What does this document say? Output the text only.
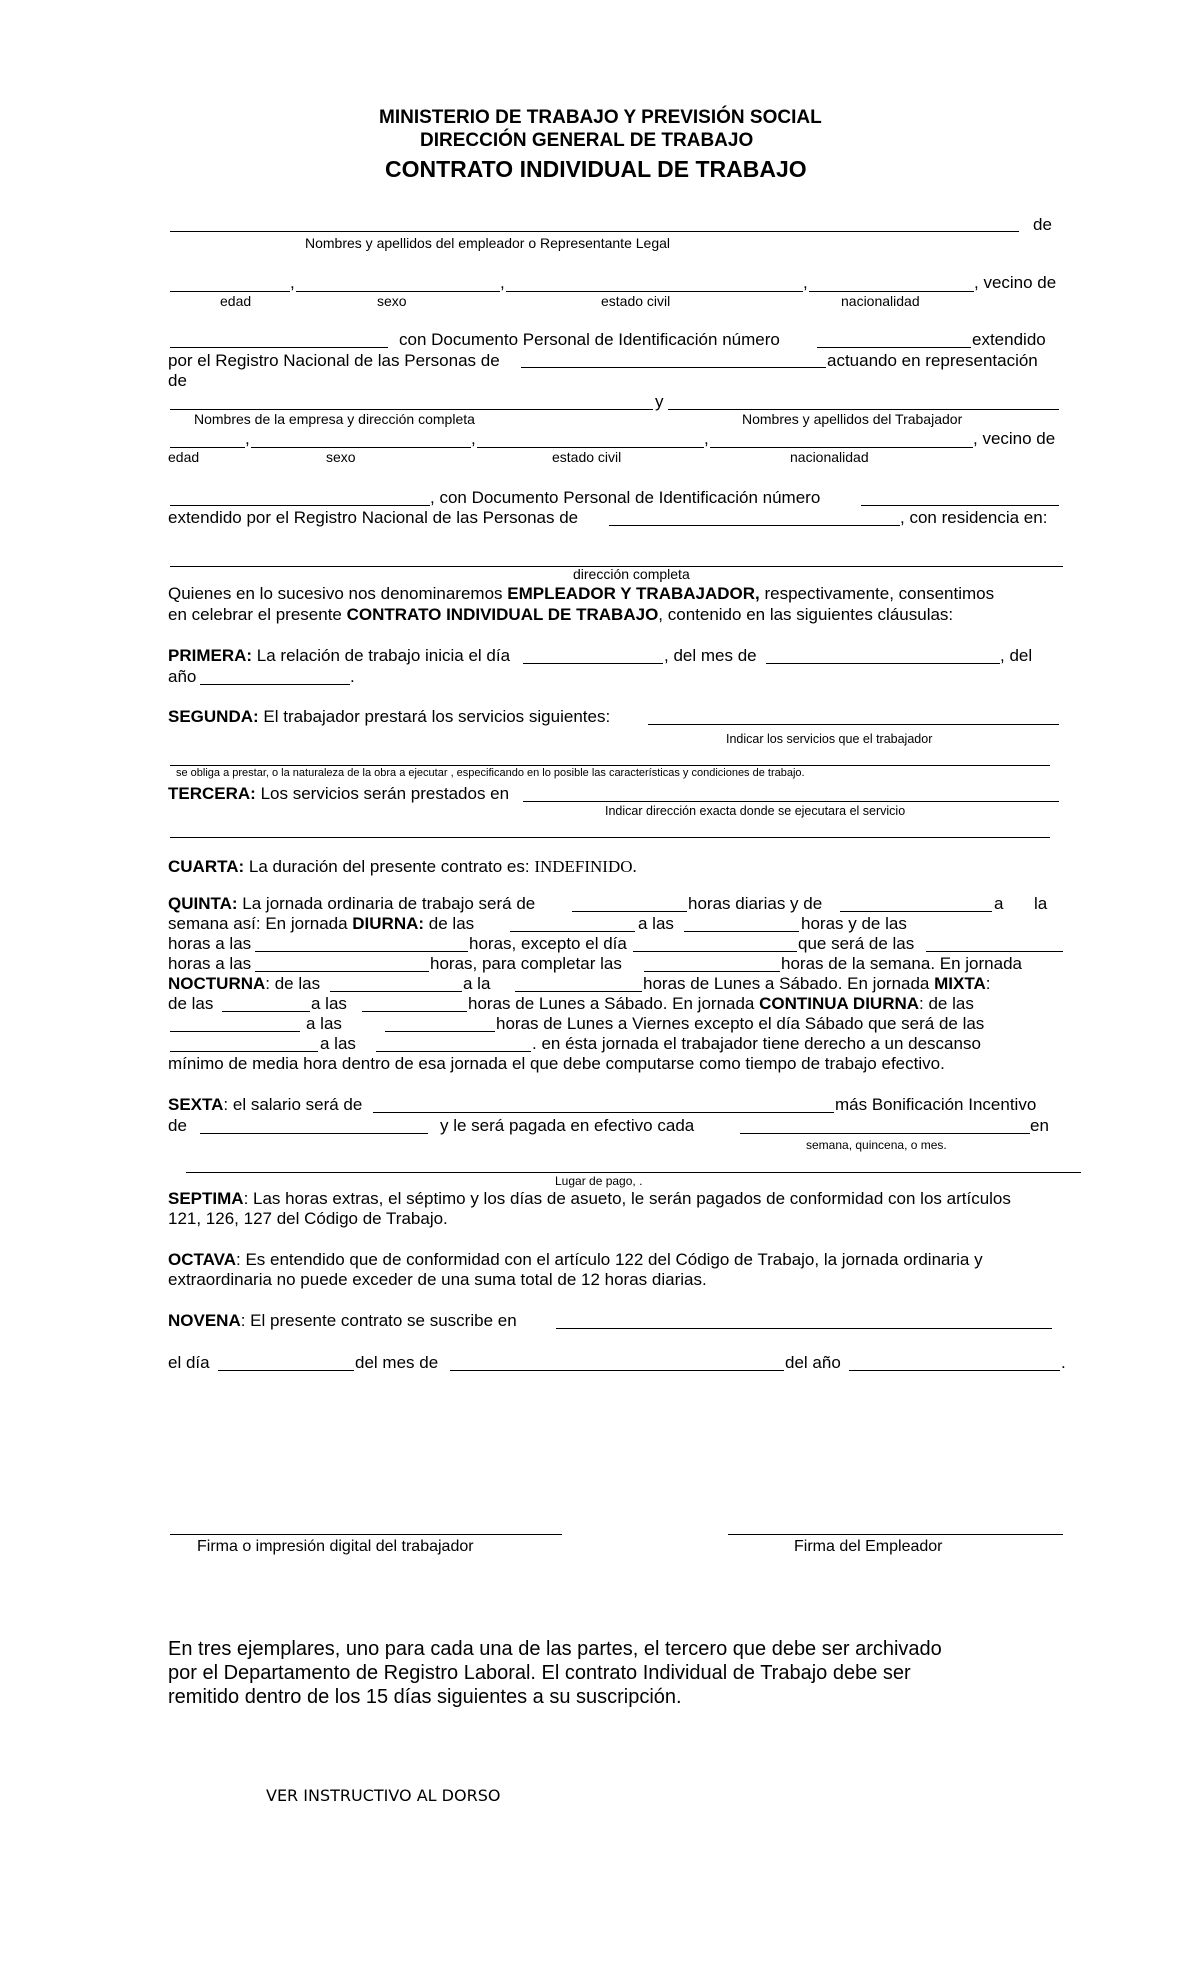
MINISTERIO DE TRABAJO Y PREVISIÓN SOCIAL
DIRECCIÓN GENERAL DE TRABAJO
CONTRATO INDIVIDUAL DE TRABAJO
de
Nombres y apellidos del empleador o Representante Legal
,	,	,	, vecino de
edad	sexo	estado civil	nacionalidad
con Documento Personal de Identificación número	extendido
por el Registro Nacional de las Personas de	actuando en representación
de
y
Nombres de la empresa y dirección completa	Nombres y apellidos del Trabajador
,	,	,	, vecino de
edad	sexo	estado civil	nacionalidad
, con Documento Personal de Identificación número
extendido por el Registro Nacional de las Personas de	, con residencia en:
dirección completa
Quienes en lo sucesivo nos denominaremos EMPLEADOR Y TRABAJADOR, respectivamente, consentimos
en celebrar el presente CONTRATO INDIVIDUAL DE TRABAJO, contenido en las siguientes cláusulas:
PRIMERA: La relación de trabajo inicia el día	, del mes de	, del
año	.
SEGUNDA: El trabajador prestará los servicios siguientes:
Indicar los servicios que el trabajador
se obliga a prestar, o la naturaleza de la obra a ejecutar , especificando en lo posible las características y condiciones de trabajo.
TERCERA: Los servicios serán prestados en
Indicar dirección exacta donde se ejecutara el servicio
CUARTA: La duración del presente contrato es: INDEFINIDO.
QUINTA: La jornada ordinaria de trabajo será de	horas diarias y de	a la
semana así: En jornada DIURNA: de las	a las	horas y de las
horas a las	horas, excepto el día	que será de las
horas a las	horas, para completar las	horas de la semana. En jornada
NOCTURNA: de las	a la	horas de Lunes a Sábado. En jornada MIXTA:
de las	a las	horas de Lunes a Sábado. En jornada CONTINUA DIURNA: de las
a las	horas de Lunes a Viernes excepto el día Sábado que será de las
a las	. en ésta jornada el trabajador tiene derecho a un descanso
mínimo de media hora dentro de esa jornada el que debe computarse como tiempo de trabajo efectivo.
SEXTA: el salario será de	más Bonificación Incentivo
de	y le será pagada en efectivo cada	en
semana, quincena, o mes.
Lugar de pago, .
SEPTIMA: Las horas extras, el séptimo y los días de asueto, le serán pagados de conformidad con los artículos
121, 126, 127 del Código de Trabajo.
OCTAVA: Es entendido que de conformidad con el artículo 122 del Código de Trabajo, la jornada ordinaria y
extraordinaria no puede exceder de una suma total de 12 horas diarias.
NOVENA: El presente contrato se suscribe en
el día	del mes de	del año	.
Firma o impresión digital del trabajador	Firma del Empleador
En tres ejemplares, uno para cada una de las partes, el tercero que debe ser archivado
por el Departamento de Registro Laboral. El contrato Individual de Trabajo debe ser
remitido dentro de los 15 días siguientes a su suscripción.
VER INSTRUCTIVO AL DORSO
